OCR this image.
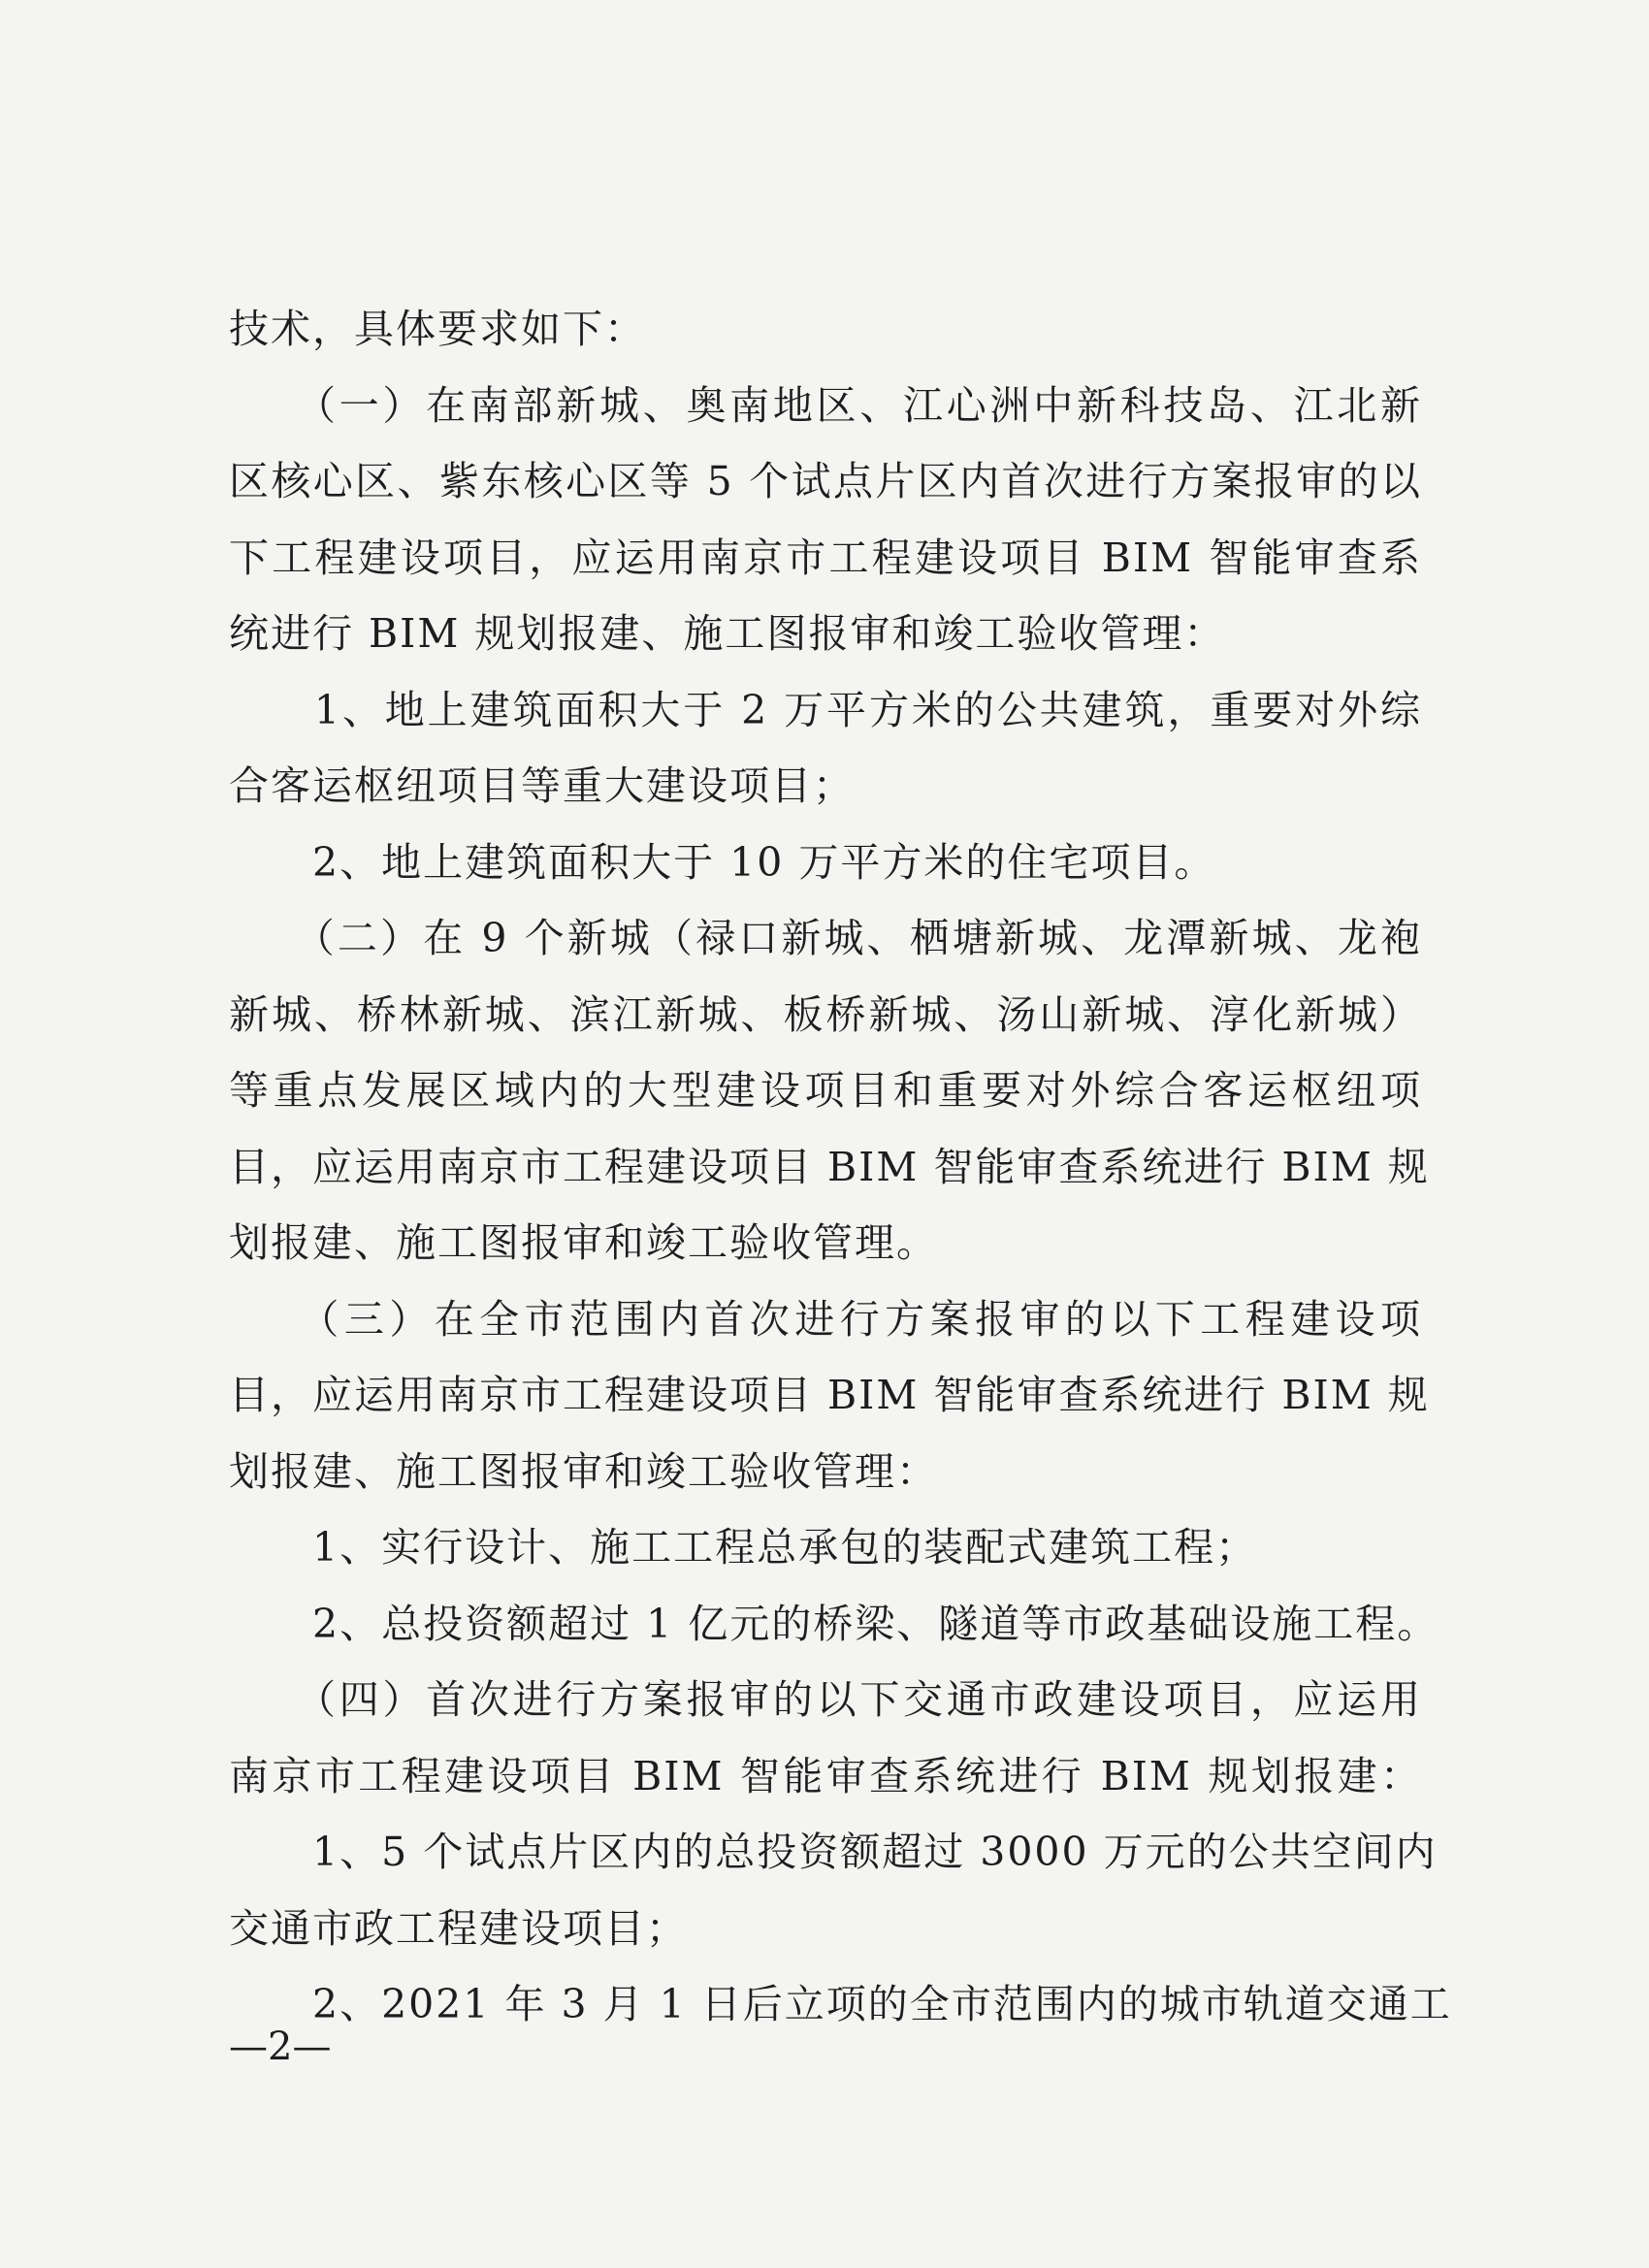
技术，具体要求如下：
　　（一）在南部新城、奥南地区、江心洲中新科技岛、江北新
区核心区、紫东核心区等 5 个试点片区内首次进行方案报审的以
下工程建设项目，应运用南京市工程建设项目 BIM 智能审查系
统进行 BIM 规划报建、施工图报审和竣工验收管理：
　　1、地上建筑面积大于 2 万平方米的公共建筑，重要对外综
合客运枢纽项目等重大建设项目；
　　2、地上建筑面积大于 10 万平方米的住宅项目。
　　（二）在 9 个新城（禄口新城、栖塘新城、龙潭新城、龙袍
新城、桥林新城、滨江新城、板桥新城、汤山新城、淳化新城）
等重点发展区域内的大型建设项目和重要对外综合客运枢纽项
目，应运用南京市工程建设项目 BIM 智能审查系统进行 BIM 规
划报建、施工图报审和竣工验收管理。
　　（三）在全市范围内首次进行方案报审的以下工程建设项
目，应运用南京市工程建设项目 BIM 智能审查系统进行 BIM 规
划报建、施工图报审和竣工验收管理：
　　1、实行设计、施工工程总承包的装配式建筑工程；
　　2、总投资额超过 1 亿元的桥梁、隧道等市政基础设施工程。
　　（四）首次进行方案报审的以下交通市政建设项目，应运用
南京市工程建设项目 BIM 智能审查系统进行 BIM 规划报建：
　　1、5 个试点片区内的总投资额超过 3000 万元的公共空间内
交通市政工程建设项目；
　　2、2021 年 3 月 1 日后立项的全市范围内的城市轨道交通工
—2—
